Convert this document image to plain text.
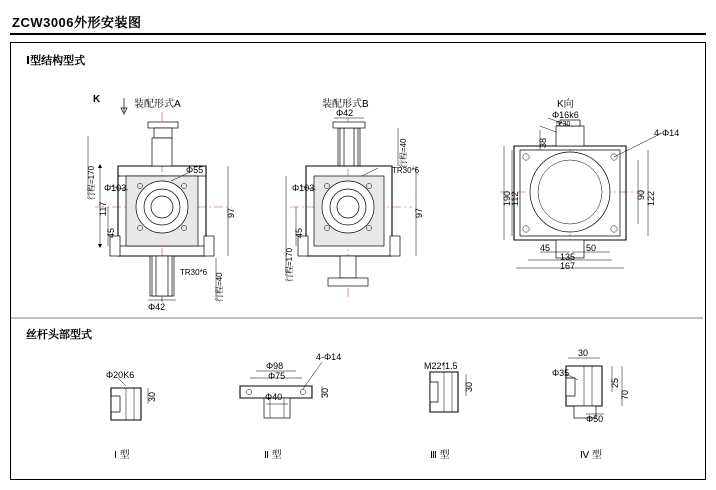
ZCW3006外形安装图
Ⅰ型结构型式
丝杆头部型式
装配形式A
K
Φ103
Φ55
Φ42
行程=170
行程=40
117	97
45
TR30*6
装配形式B
Φ42
Φ103
行程=40
行程=170
97
45
TR30*6
K向
Φ16k6
5*30
4-Φ14
190
112	122
90
38
45	50
135
167
Φ20K6
30
Ⅰ 型
Φ98
Φ75
Φ40
4-Φ14
30
Ⅱ 型
M22*1.5
30
Ⅲ 型
30
Φ35
Φ50
70
25
Ⅳ 型
